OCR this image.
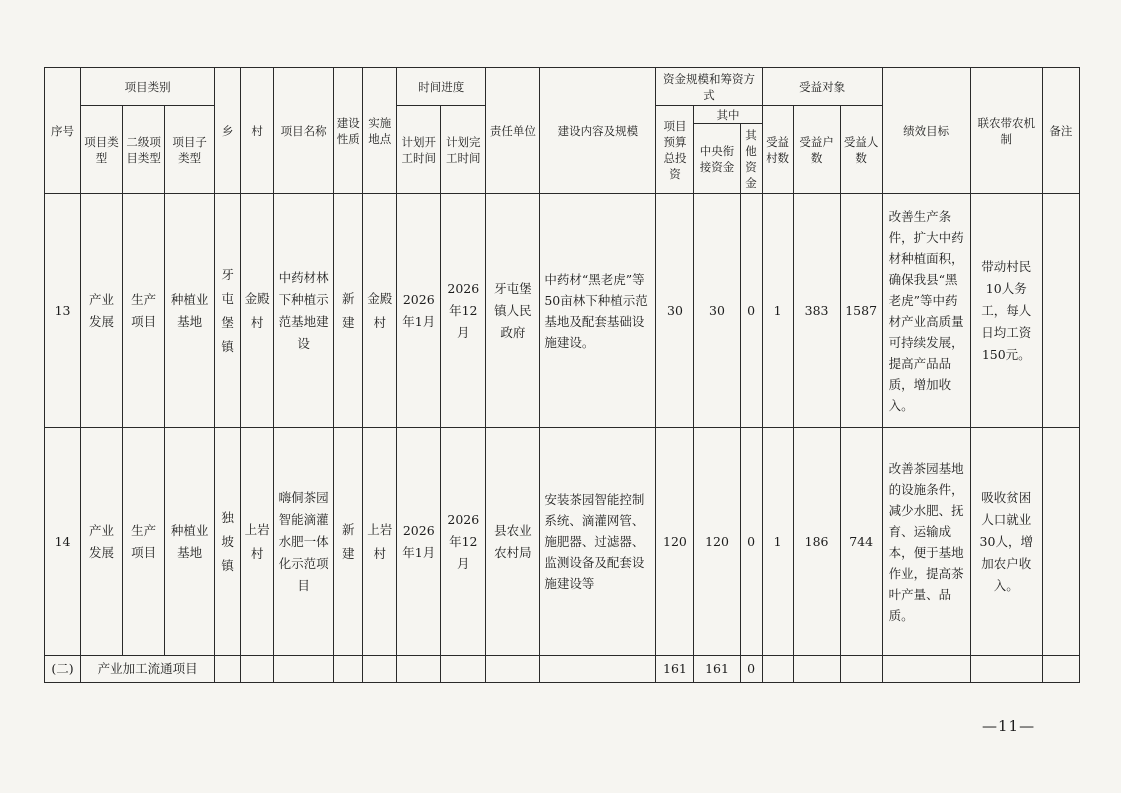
序号	项目类别			乡	村	项目名称	建设性质	实施地点	时间进度		责任单位	建设内容及规模	资金规模和筹资方式			受益对象			绩效目标	联农带农机制	备注
	项目类型	二级项目类型	项目子类型						计划开工时间	计划完工时间			项目预算总投资	其中		受益村数	受益户数	受益人数			

														中央衔接资金	其他资金						
13	产业发展	生产项目	种植业基地	牙屯堡镇	金殿村	中药材林下种植示范基地建设	新建	金殿村	2026年1月	2026年12月	牙屯堡镇人民政府	中药材“黑老虎”等50亩林下种植示范基地及配套基础设施建设。	30	30	0	1	383	1587	改善生产条件，扩大中药材种植面积，确保我县“黑老虎”等中药材产业高质量可持续发展，提高产品品质，增加收入。	带动村民10人务工，每人日均工资150元。	
14	产业发展	生产项目	种植业基地	独坡镇	上岩村	嗨侗茶园智能滴灌水肥一体化示范项目	新建	上岩村	2026年1月	2026年12月	县农业农村局	安装茶园智能控制系统、滴灌网管、施肥器、过滤器、监测设备及配套设施建设等	120	120	0	1	186	744	改善茶园基地的设施条件，减少水肥、抚育、运输成本，便于基地作业，提高茶叶产量、品质。	吸收贫困人口就业30人，增加农户收入。	
(二)	产业加工流通项目												161	161	0						
—11—
